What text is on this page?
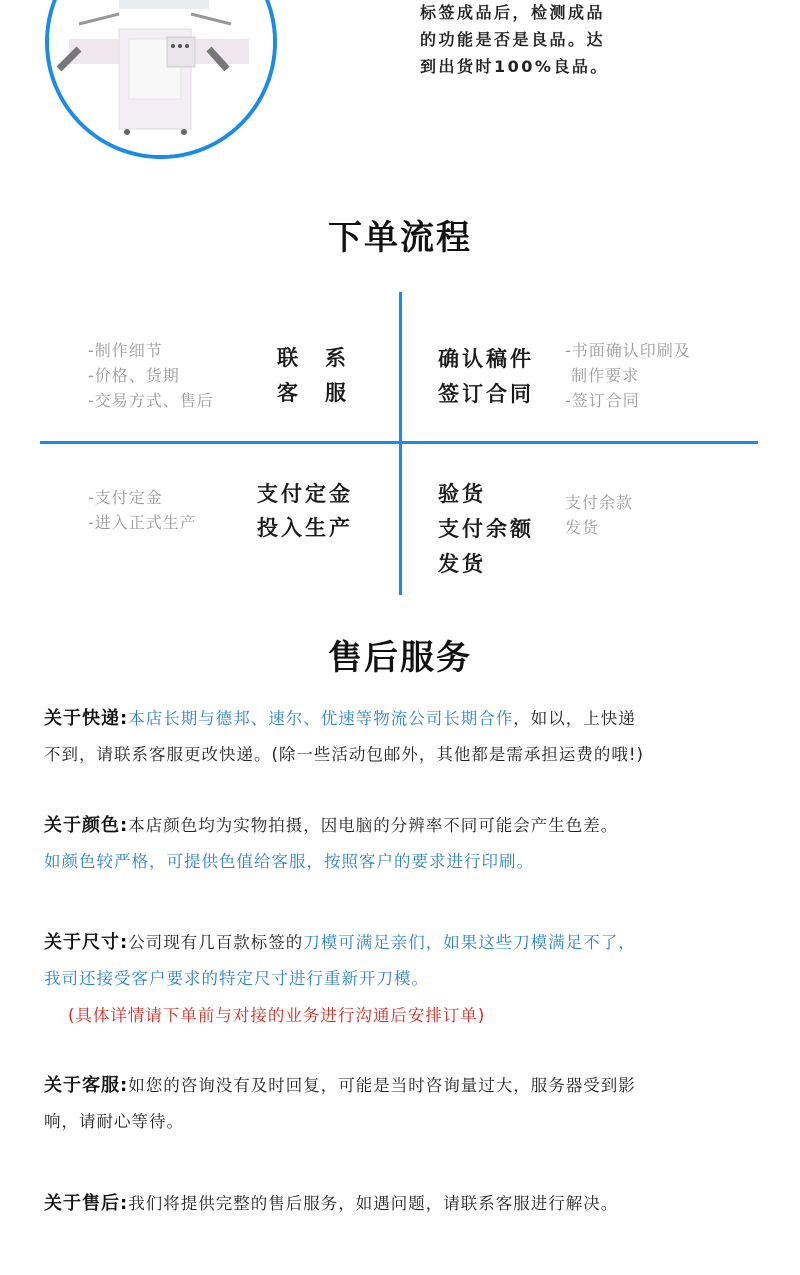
标签成品后，检测成品
的功能是否是良品。达
到出货时100%良品。
下单流程
-制作细节
-价格、货期
-交易方式、售后
联　系
客　服
确认稿件
签订合同
-书面确认印刷及
制作要求
-签订合同
-支付定金
-进入正式生产
支付定金
投入生产
验货
支付余额
发货
支付余款
发货
售后服务
关于快递:本店长期与德邦、速尔、优速等物流公司长期合作，如以，上快递
不到，请联系客服更改快递。(除一些活动包邮外，其他都是需承担运费的哦!)
关于颜色:本店颜色均为实物拍摄，因电脑的分辨率不同可能会产生色差。
如颜色较严格，可提供色值给客服，按照客户的要求进行印刷。
关于尺寸:公司现有几百款标签的刀模可满足亲们，如果这些刀模满足不了，
我司还接受客户要求的特定尺寸进行重新开刀模。
(具体详情请下单前与对接的业务进行沟通后安排订单)
关于客服:如您的咨询没有及时回复，可能是当时咨询量过大，服务器受到影
响，请耐心等待。
关于售后:我们将提供完整的售后服务，如遇问题，请联系客服进行解决。
